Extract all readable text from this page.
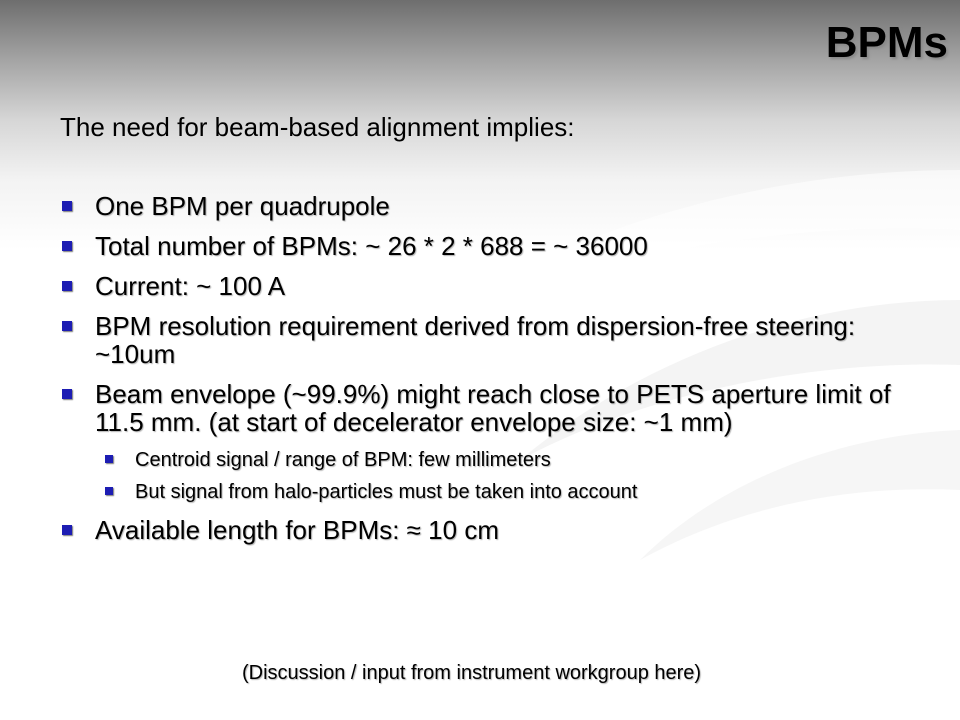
BPMs
The need for beam-based alignment implies:
One BPM per quadrupole
Total number of BPMs: ~ 26 * 2 * 688 = ~ 36000
Current: ~ 100 A
BPM resolution requirement derived from dispersion-free steering: ~10um
Beam envelope (~99.9%) might reach close to PETS aperture limit of 11.5 mm. (at start of decelerator envelope size: ~1 mm)
Centroid signal / range of BPM: few millimeters
But signal from halo-particles must be taken into account
Available length for BPMs: ≈ 10 cm
(Discussion / input from instrument workgroup here)
